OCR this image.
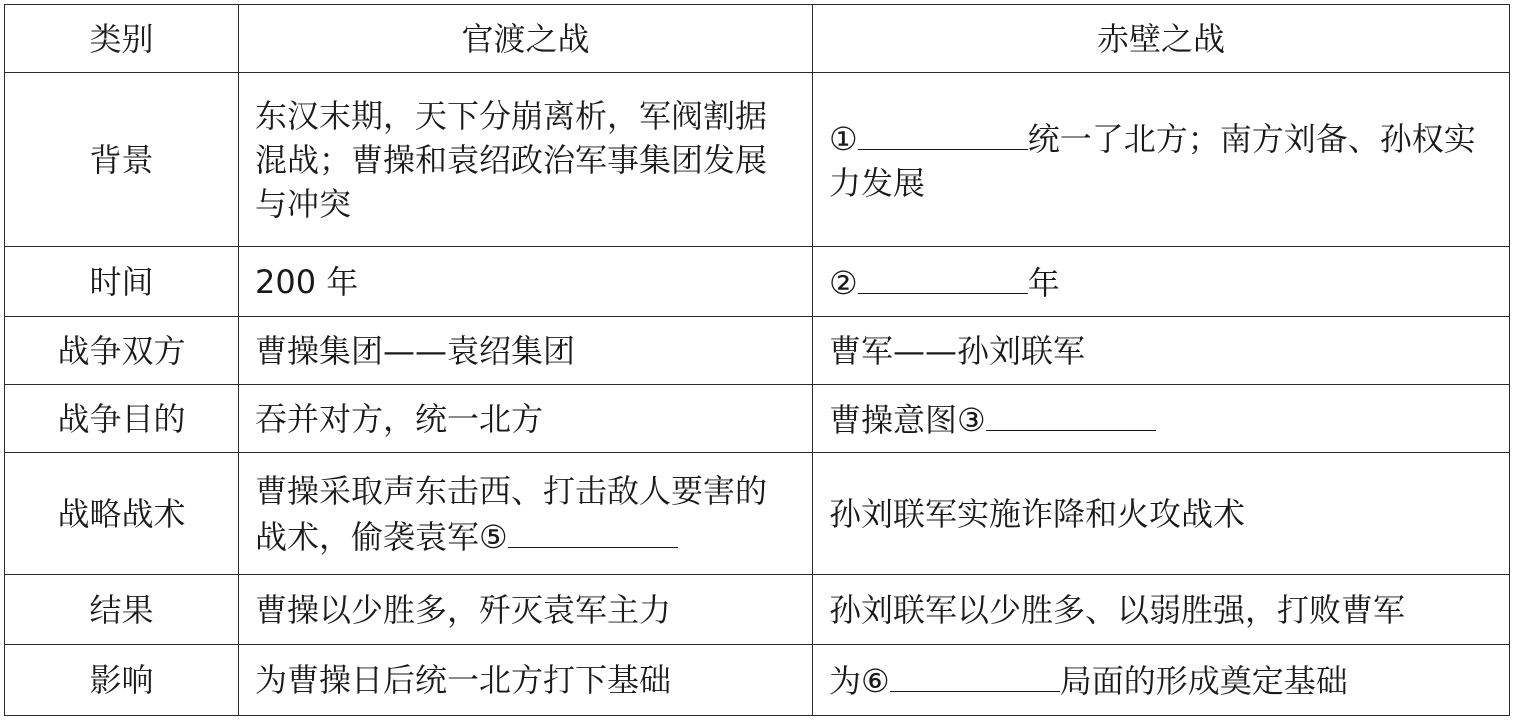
类别	官渡之战	赤壁之战
背景	东汉末期，天下分崩离析，军阀割据混战；曹操和袁绍政治军事集团发展与冲突	① 统一了北方；南方刘备、孙权实力发展
时间	200 年	② 年
战争双方	曹操集团——袁绍集团	曹军——孙刘联军
战争目的	吞并对方，统一北方	曹操意图③
战略战术	曹操采取声东击西、打击敌人要害的战术，偷袭袁军⑤	孙刘联军实施诈降和火攻战术
结果	曹操以少胜多，歼灭袁军主力	孙刘联军以少胜多、以弱胜强，打败曹军
影响	为曹操日后统一北方打下基础	为⑥ 局面的形成奠定基础
